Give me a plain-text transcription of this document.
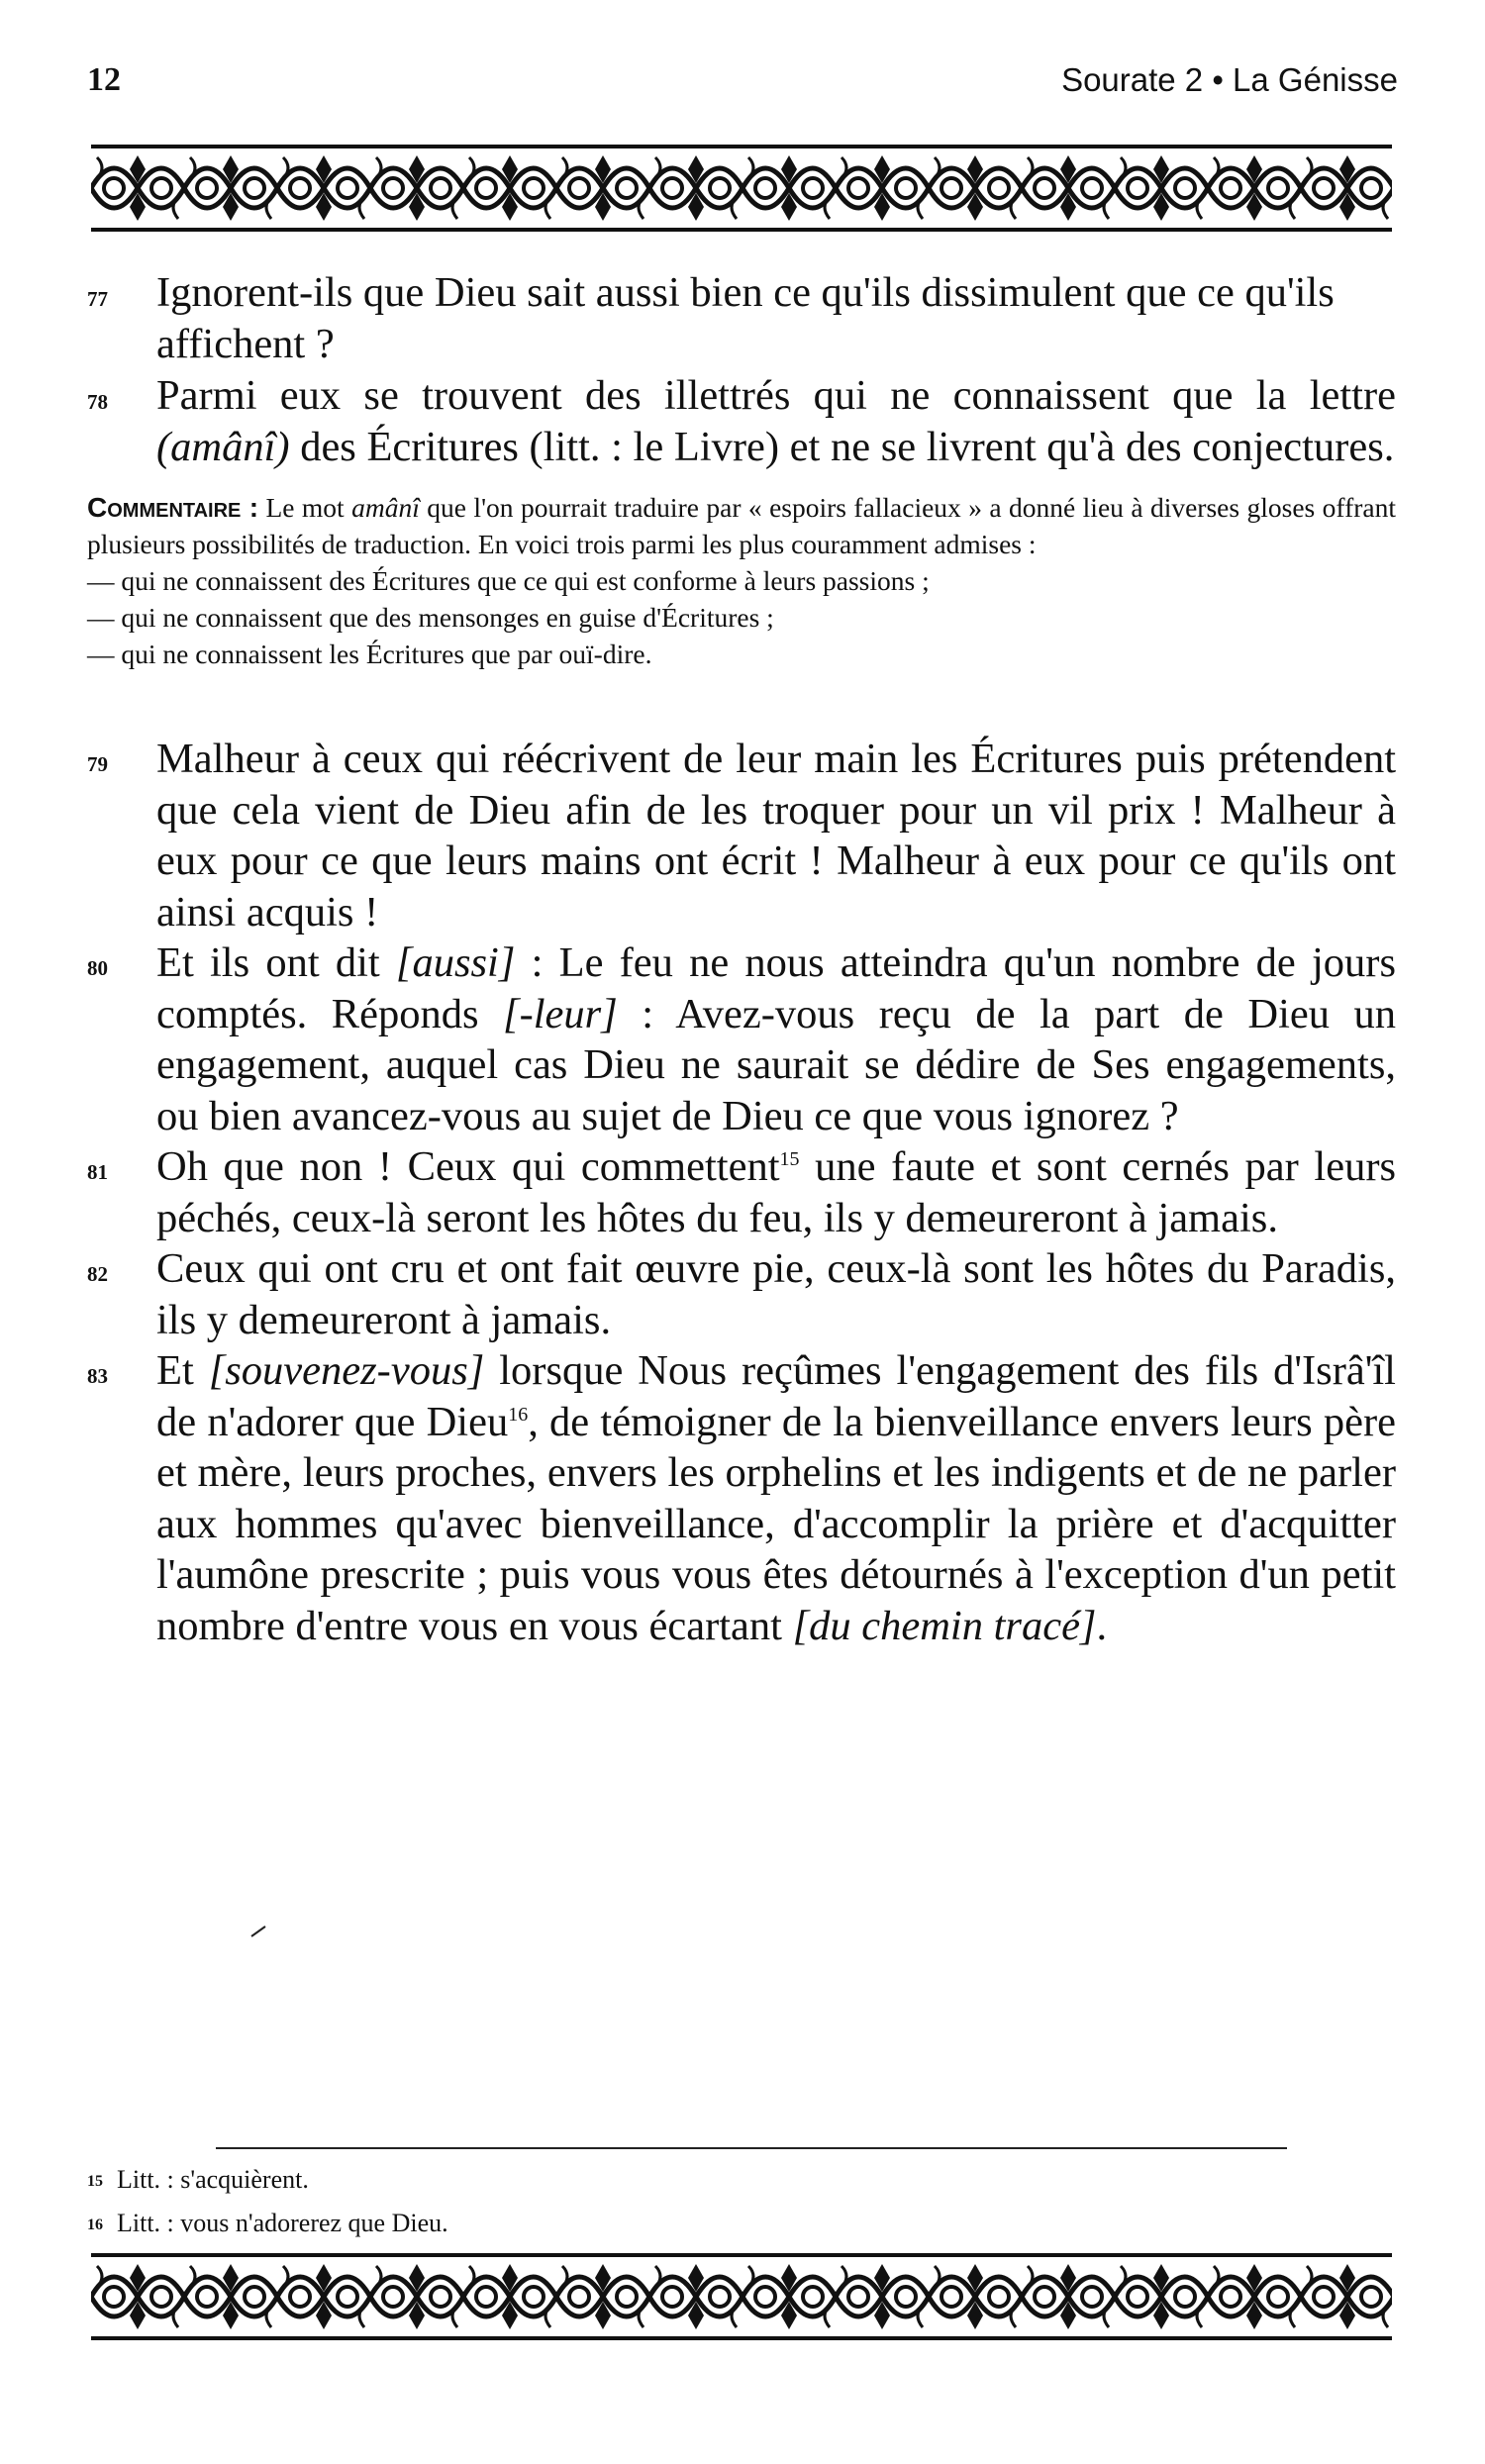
12	Sourate 2 • La Génisse

77 Ignorent-ils que Dieu sait aussi bien ce qu'ils dissimulent que ce qu'ils affichent ?

78 Parmi eux se trouvent des illettrés qui ne connaissent que la lettre (amânî) des Écritures (litt. : le Livre) et ne se livrent qu'à des conjectures.

Commentaire : Le mot amânî que l'on pourrait traduire par « espoirs fallacieux » a donné lieu à diverses gloses offrant plusieurs possibilités de traduction. En voici trois parmi les plus couramment admises :

— qui ne connaissent des Écritures que ce qui est conforme à leurs passions ;
— qui ne connaissent que des mensonges en guise d'Écritures ;
— qui ne connaissent les Écritures que par ouï-dire.

79 Malheur à ceux qui réécrivent de leur main les Écritures puis prétendent que cela vient de Dieu afin de les troquer pour un vil prix ! Malheur à eux pour ce que leurs mains ont écrit ! Malheur à eux pour ce qu'ils ont ainsi acquis !

80 Et ils ont dit [aussi] : Le feu ne nous atteindra qu'un nombre de jours comptés. Réponds [-leur] : Avez-vous reçu de la part de Dieu un engagement, auquel cas Dieu ne saurait se dédire de Ses engagements, ou bien avancez-vous au sujet de Dieu ce que vous ignorez ?

81 Oh que non ! Ceux qui commettent$^{15}$ une faute et sont cernés par leurs péchés, ceux-là seront les hôtes du feu, ils y demeureront à jamais.

82 Ceux qui ont cru et ont fait œuvre pie, ceux-là sont les hôtes du Paradis, ils y demeureront à jamais.

83 Et [souvenez-vous] lorsque Nous reçûmes l'engagement des fils d'Isrâ'îl de n'adorer que Dieu$^{16}$, de témoigner de la bienveillance envers leurs père et mère, leurs proches, envers les orphelins et les indigents et de ne parler aux hommes qu'avec bienveillance, d'accomplir la prière et d'acquitter l'aumône prescrite ; puis vous vous êtes détournés à l'exception d'un petit nombre d'entre vous en vous écartant [du chemin tracé].

15 Litt. : s'acquièrent.
16 Litt. : vous n'adorerez que Dieu.
